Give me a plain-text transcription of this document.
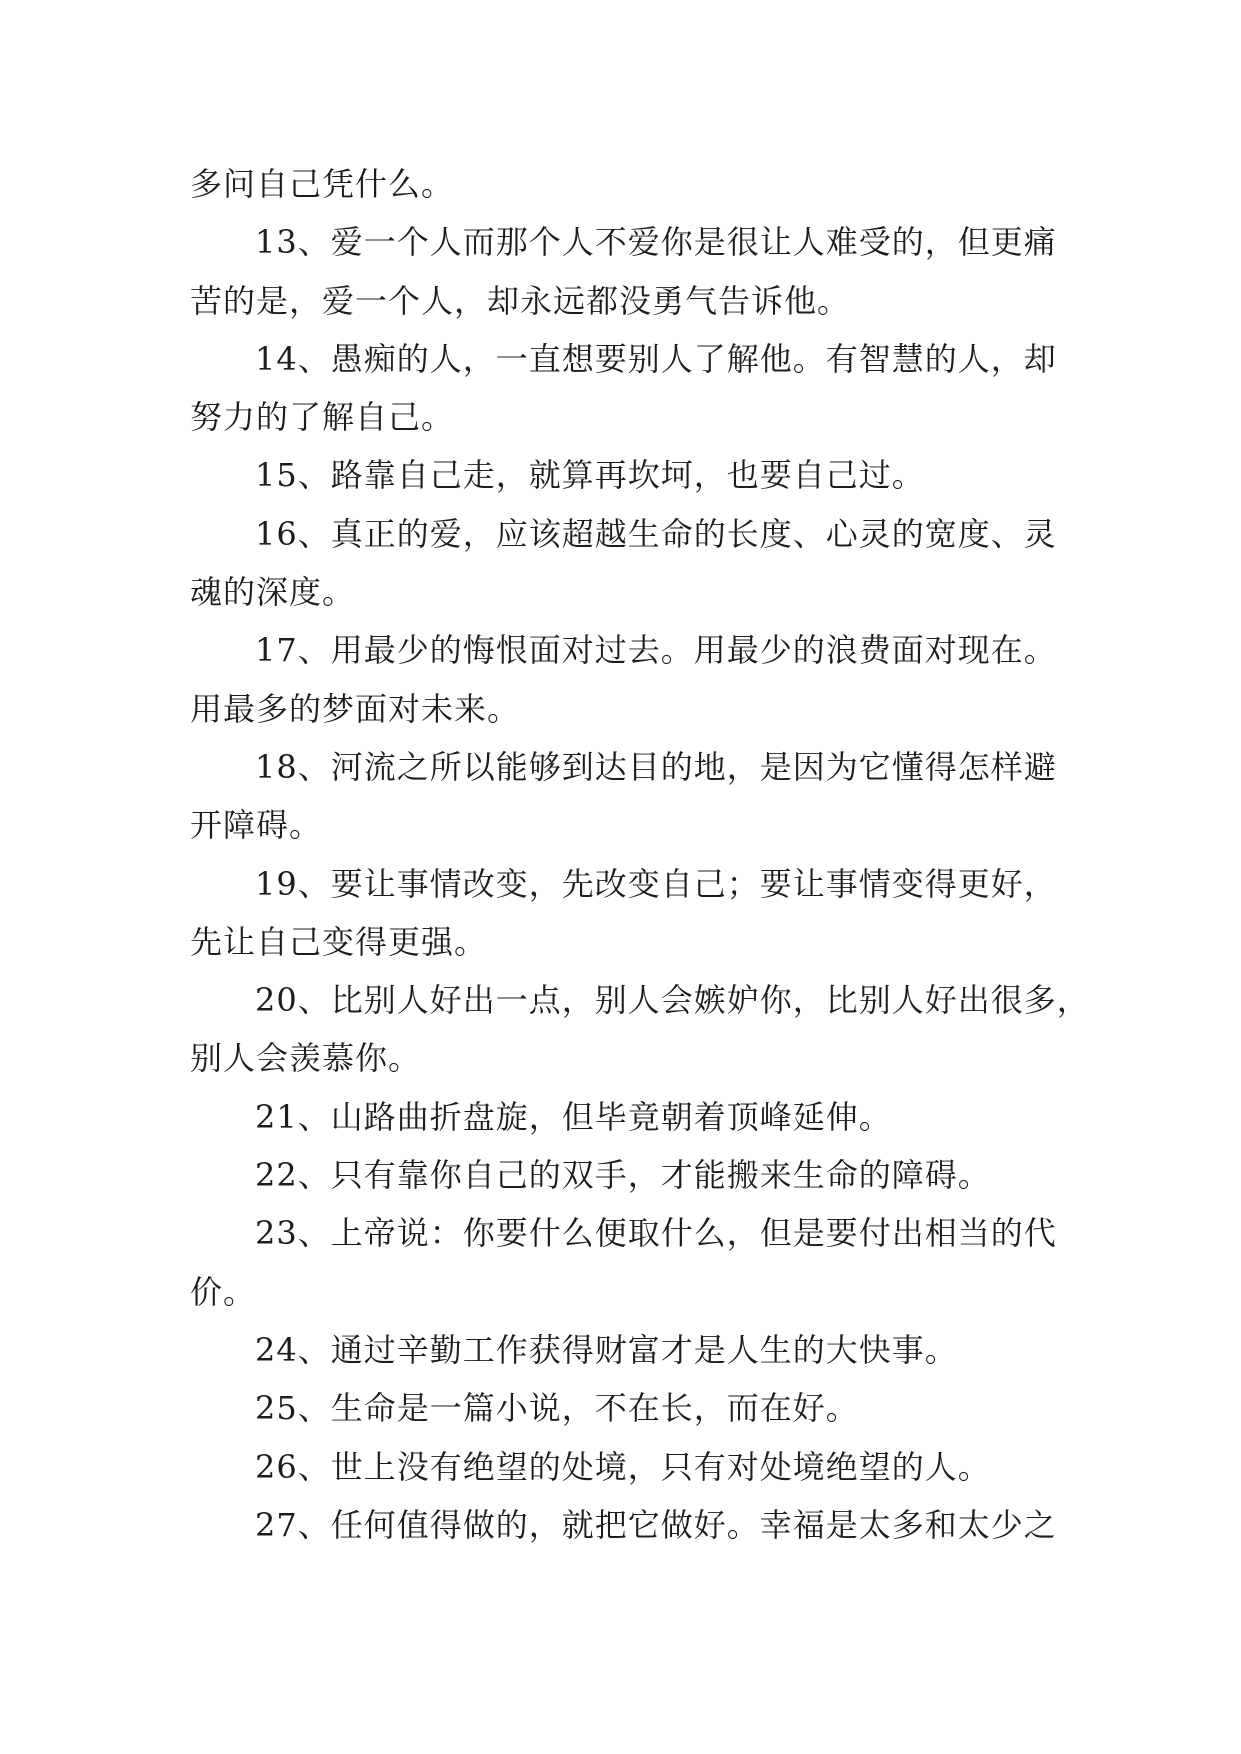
多问自己凭什么。
13、爱一个人而那个人不爱你是很让人难受的，但更痛
苦的是，爱一个人，却永远都没勇气告诉他。
14、愚痴的人，一直想要别人了解他。有智慧的人，却
努力的了解自己。
15、路靠自己走，就算再坎坷，也要自己过。
16、真正的爱，应该超越生命的长度、心灵的宽度、灵
魂的深度。
17、用最少的悔恨面对过去。用最少的浪费面对现在。
用最多的梦面对未来。
18、河流之所以能够到达目的地，是因为它懂得怎样避
开障碍。
19、要让事情改变，先改变自己；要让事情变得更好，
先让自己变得更强。
20、比别人好出一点，别人会嫉妒你，比别人好出很多，
别人会羡慕你。
21、山路曲折盘旋，但毕竟朝着顶峰延伸。
22、只有靠你自己的双手，才能搬来生命的障碍。
23、上帝说：你要什么便取什么，但是要付出相当的代
价。
24、通过辛勤工作获得财富才是人生的大快事。
25、生命是一篇小说，不在长，而在好。
26、世上没有绝望的处境，只有对处境绝望的人。
27、任何值得做的，就把它做好。幸福是太多和太少之
